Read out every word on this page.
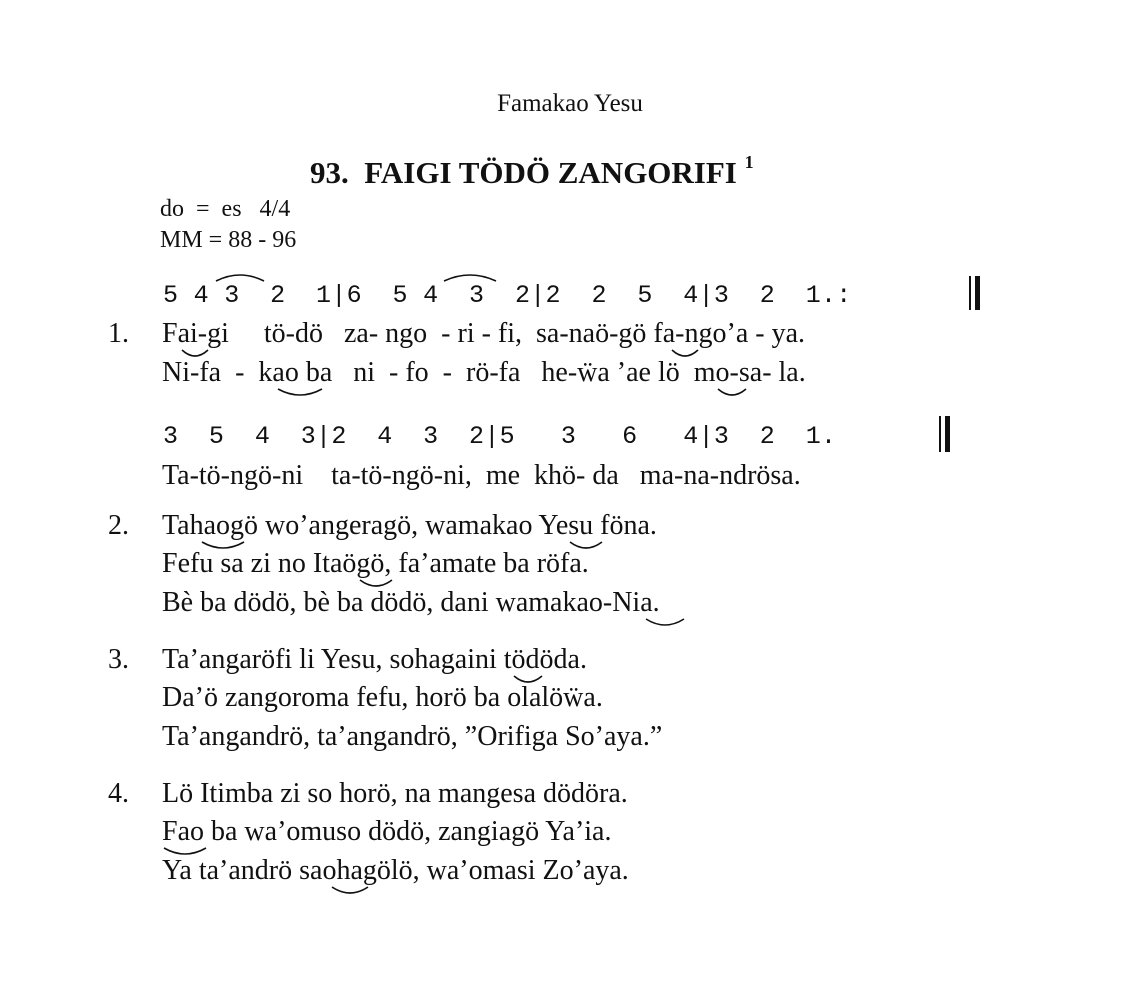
Famakao Yesu
93.  FAIGI TÖDÖ ZANGORIFI $^1$
do  =  es   4/4
MM = 88 - 96
5 4 3  2  1|6  5 4  3  2|2  2  5  4|3  2  1.:
1. Fai-gi     tö-dö   za- ngo  - ri - fi,  sa-naö-gö fa-ngo’a - ya.
Ni-fa  -  kao ba   ni  - fo  -  rö-fa   he-ẅa ’ae lö  mo-sa- la.
3  5  4  3|2  4  3  2|5   3   6   4|3  2  1.
Ta-tö-ngö-ni    ta-tö-ngö-ni,  me  khö- da   ma-na-ndrösa.
2. Tahaogö wo’angeragö, wamakao Yesu föna.
Fefu sa zi no Itaögö, fa’amate ba röfa.
Bè ba dödö, bè ba dödö, dani wamakao-Nia.
3. Ta’angaröfi li Yesu, sohagaini tödöda.
Da’ö zangoroma fefu, horö ba olalöẅa.
Ta’angandrö, ta’angandrö, ”Orifiga So’aya.”
4. Lö Itimba zi so horö, na mangesa dödöra.
Fao ba wa’omuso dödö, zangiagö Ya’ia.
Ya ta’andrö saohagölö, wa’omasi Zo’aya.
